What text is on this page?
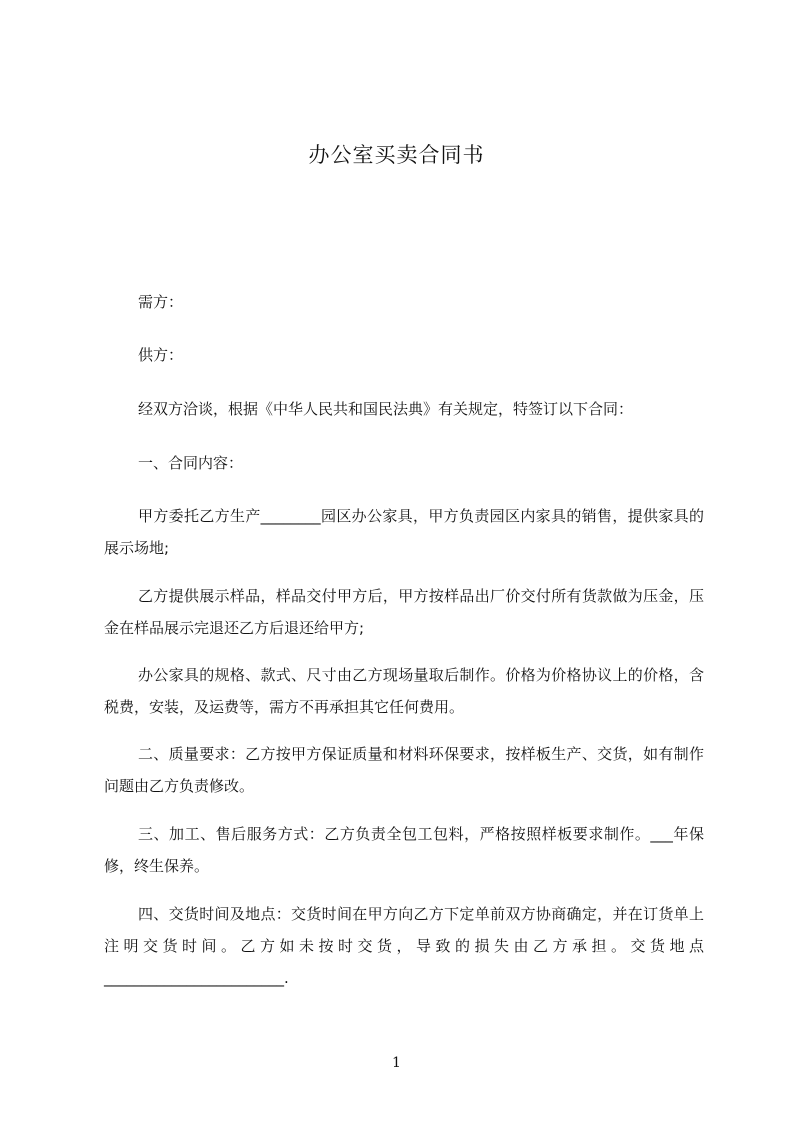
办公室买卖合同书
需方：
供方：
经双方洽谈，根据《中华人民共和国民法典》有关规定，特签订以下合同：
一、合同内容：
甲方委托乙方生产________园区办公家具，甲方负责园区内家具的销售，提供家具的展示场地;
乙方提供展示样品，样品交付甲方后，甲方按样品出厂价交付所有货款做为压金，压金在样品展示完退还乙方后退还给甲方;
办公家具的规格、款式、尺寸由乙方现场量取后制作。价格为价格协议上的价格，含税费，安装，及运费等，需方不再承担其它任何费用。
二、质量要求：乙方按甲方保证质量和材料环保要求，按样板生产、交货，如有制作问题由乙方负责修改。
三、加工、售后服务方式：乙方负责全包工包料，严格按照样板要求制作。___年保修，终生保养。
四、交货时间及地点：交货时间在甲方向乙方下定单前双方协商确定，并在订货单上注明交货时间。乙方如未按时交货，导致的损失由乙方承担。交货地点________________________.
1
